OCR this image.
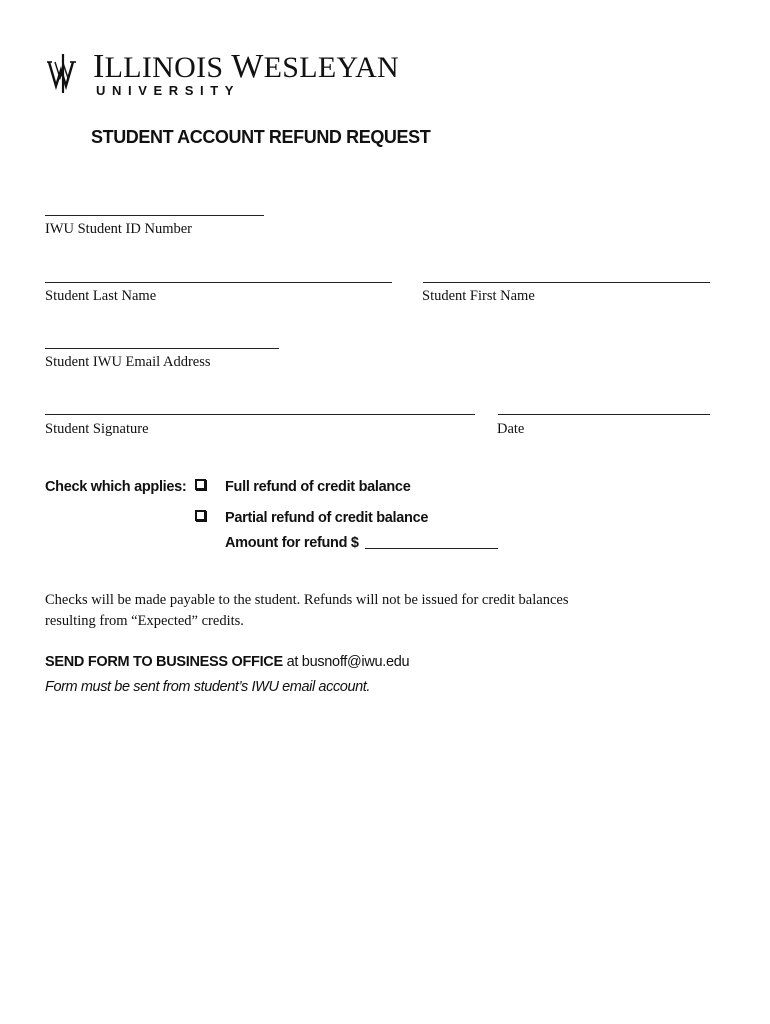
ILLINOIS WESLEYAN
UNIVERSITY
STUDENT ACCOUNT REFUND REQUEST
IWU Student ID Number
Student Last Name	Student First Name
Student IWU Email Address
Student Signature	Date
Check which applies:	Full refund of credit balance
Partial refund of credit balance
Amount for refund $
Checks will be made payable to the student. Refunds will not be issued for credit balances
resulting from “Expected” credits.
SEND FORM TO BUSINESS OFFICE at busnoff@iwu.edu
Form must be sent from student’s IWU email account.
